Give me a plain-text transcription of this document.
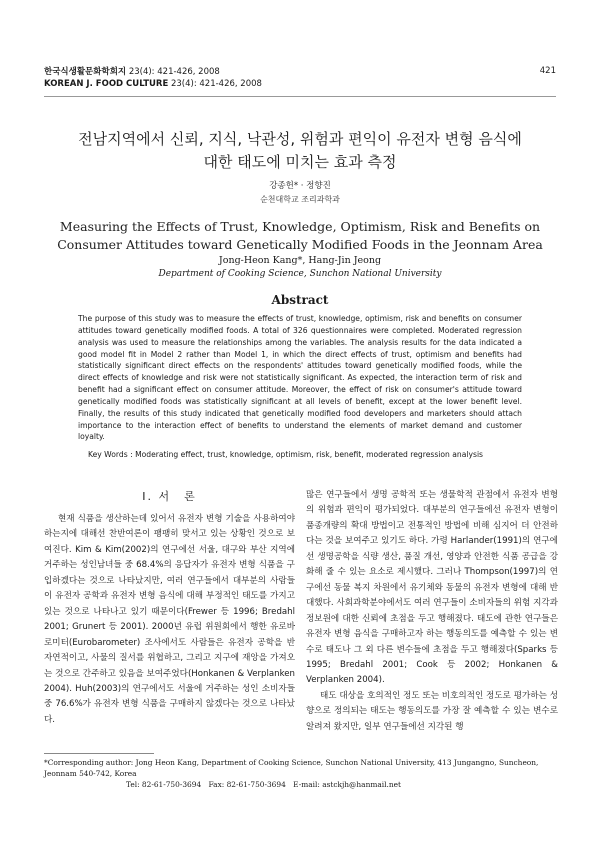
한국식생활문화학회지 23(4): 421-426, 2008
KOREAN J. FOOD CULTURE 23(4): 421-426, 2008
421
전남지역에서 신뢰, 지식, 낙관성, 위험과 편익이 유전자 변형 음식에
대한 태도에 미치는 효과 측정
강종헌* · 정향진
순천대학교 조리과학과
Measuring the Effects of Trust, Knowledge, Optimism, Risk and Benefits on
Consumer Attitudes toward Genetically Modified Foods in the Jeonnam Area
Jong-Heon Kang*, Hang-Jin Jeong
Department of Cooking Science, Sunchon National University
Abstract
The purpose of this study was to measure the effects of trust, knowledge, optimism, risk and benefits on consumer attitudes toward genetically modified foods. A total of 326 questionnaires were completed. Moderated regression analysis was used to measure the relationships among the variables. The analysis results for the data indicated a good model fit in Model 2 rather than Model 1, in which the direct effects of trust, optimism and benefits had statistically significant direct effects on the respondents' attitudes toward genetically modified foods, while the direct effects of knowledge and risk were not statistically significant. As expected, the interaction term of risk and benefit had a significant effect on consumer attitude. Moreover, the effect of risk on consumer's attitude toward genetically modified foods was statistically significant at all levels of benefit, except at the lower benefit level. Finally, the results of this study indicated that genetically modified food developers and marketers should attach importance to the interaction effect of benefits to understand the elements of market demand and customer loyalty.
Key Words : Moderating effect, trust, knowledge, optimism, risk, benefit, moderated regression analysis
I. 서　론

현재 식품을 생산하는데 있어서 유전자 변형 기술을 사용하여야 하는지에 대해선 찬반여론이 팽팽히 맞서고 있는 상황인 것으로 보여진다. Kim & Kim(2002)의 연구에선 서울, 대구와 부산 지역에 거주하는 성인남녀들 중 68.4%의 응답자가 유전자 변형 식품을 구입하겠다는 것으로 나타났지만, 여러 연구들에서 대부분의 사람들이 유전자 공학과 유전자 변형 음식에 대해 부정적인 태도를 가지고 있는 것으로 나타나고 있기 때문이다(Frewer 등 1996; Bredahl 2001; Grunert 등 2001). 2000년 유럽 위원회에서 행한 유로바로미터(Eurobarometer) 조사에서도 사람들은 유전자 공학을 반자연적이고, 사물의 질서를 위협하고, 그리고 지구에 재앙을 가져오는 것으로 간주하고 있음을 보여주었다(Honkanen & Verplanken 2004). Huh(2003)의 연구에서도 서울에 거주하는 성인 소비자들 중 76.6%가 유전자 변형 식품을 구매하지 않겠다는 것으로 나타났다.

많은 연구들에서 생명 공학적 또는 생물학적 관점에서 유전자 변형의 위험과 편익이 평가되었다. 대부분의 연구들에선 유전자 변형이 품종개량의 확대 방법이고 전통적인 방법에 비해 심지어 더 안전하다는 것을 보여주고 있기도 하다. 가령 Harlander(1991)의 연구에선 생명공학을 식량 생산, 품질 개선, 영양과 안전한 식품 공급을 강화해 줄 수 있는 요소로 제시했다. 그러나 Thompson(1997)의 연구에선 동물 복지 차원에서 유기체와 동물의 유전자 변형에 대해 반대했다. 사회과학분야에서도 여러 연구들이 소비자들의 위험 지각과 정보원에 대한 신뢰에 초점을 두고 행해졌다. 태도에 관한 연구들은 유전자 변형 음식을 구매하고자 하는 행동의도를 예측할 수 있는 변수로 태도나 그 외 다른 변수들에 초점을 두고 행해졌다(Sparks 등 1995; Bredahl 2001; Cook 등 2002; Honkanen & Verplanken 2004).

태도 대상을 호의적인 정도 또는 비호의적인 정도로 평가하는 성향으로 정의되는 태도는 행동의도를 가장 잘 예측할 수 있는 변수로 알려져 왔지만, 일부 연구들에선 지각된 행

*Corresponding author: Jong Heon Kang, Department of Cooking Science, Sunchon National University, 413 Jungangno, Suncheon, Jeonnam 540-742, Korea
Tel: 82-61-750-3694　Fax: 82-61-750-3694　E-mail: astckjh@hanmail.net
